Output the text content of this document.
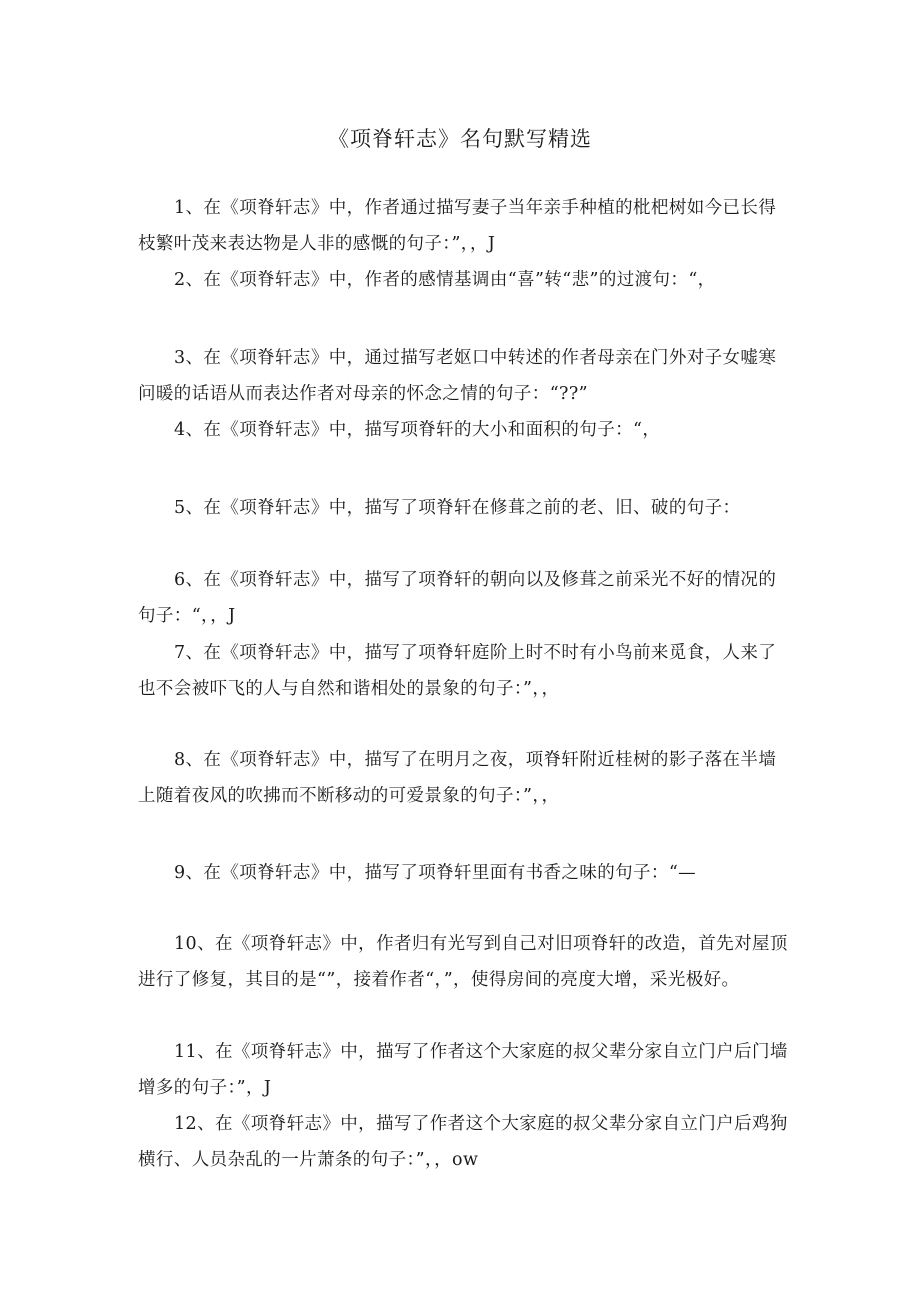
《项脊轩志》名句默写精选

1、在《项脊轩志》中，作者通过描写妻子当年亲手种植的枇杷树如今已长得枝繁叶茂来表达物是人非的感慨的句子：”，，J

2、在《项脊轩志》中，作者的感情基调由“喜”转“悲”的过渡句：“，

3、在《项脊轩志》中，通过描写老妪口中转述的作者母亲在门外对子女嘘寒问暖的话语从而表达作者对母亲的怀念之情的句子：“??”

4、在《项脊轩志》中，描写项脊轩的大小和面积的句子：“，

5、在《项脊轩志》中，描写了项脊轩在修葺之前的老、旧、破的句子：

6、在《项脊轩志》中，描写了项脊轩的朝向以及修葺之前采光不好的情况的句子：“，，J

7、在《项脊轩志》中，描写了项脊轩庭阶上时不时有小鸟前来觅食，人来了也不会被吓飞的人与自然和谐相处的景象的句子：”，，

8、在《项脊轩志》中，描写了在明月之夜，项脊轩附近桂树的影子落在半墙上随着夜风的吹拂而不断移动的可爱景象的句子：”，，

9、在《项脊轩志》中，描写了项脊轩里面有书香之味的句子：“—

10、在《项脊轩志》中，作者归有光写到自己对旧项脊轩的改造，首先对屋顶进行了修复，其目的是“”，接着作者“，”，使得房间的亮度大增，采光极好。

11、在《项脊轩志》中，描写了作者这个大家庭的叔父辈分家自立门户后门墙增多的句子：”，J

12、在《项脊轩志》中，描写了作者这个大家庭的叔父辈分家自立门户后鸡狗横行、人员杂乱的一片萧条的句子：”，，ow
